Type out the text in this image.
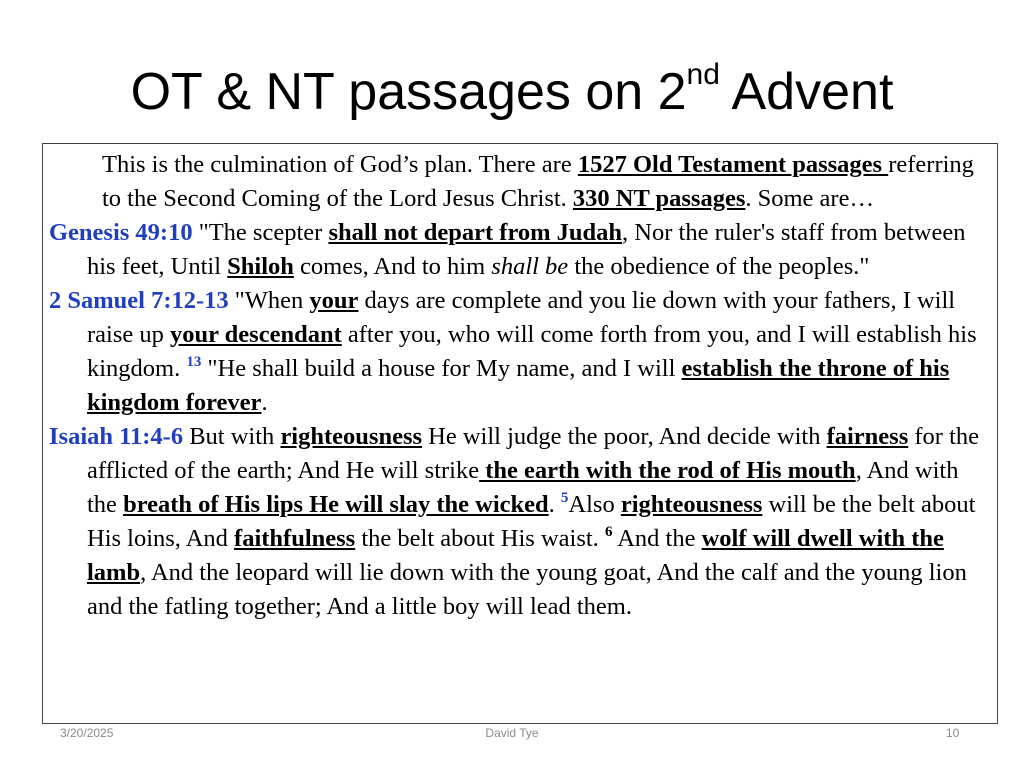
OT & NT passages on 2nd Advent

This is the culmination of God’s plan. There are 1527 Old Testament passages referring to the Second Coming of the Lord Jesus Christ. 330 NT passages. Some are…

Genesis 49:10 "The scepter shall not depart from Judah, Nor the ruler's staff from between his feet, Until Shiloh comes, And to him shall be the obedience of the peoples."

2 Samuel 7:12-13 "When your days are complete and you lie down with your fathers, I will raise up your descendant after you, who will come forth from you, and I will establish his kingdom. $^{13}$ "He shall build a house for My name, and I will establish the throne of his kingdom forever.

Isaiah 11:4-6 But with righteousness He will judge the poor, And decide with fairness for the afflicted of the earth; And He will strike the earth with the rod of His mouth, And with the breath of His lips He will slay the wicked. $^5$Also righteousness will be the belt about His loins, And faithfulness the belt about His waist. $^6$ And the wolf will dwell with the lamb, And the leopard will lie down with the young goat, And the calf and the young lion and the fatling together; And a little boy will lead them.

3/20/2025	David Tye	10
